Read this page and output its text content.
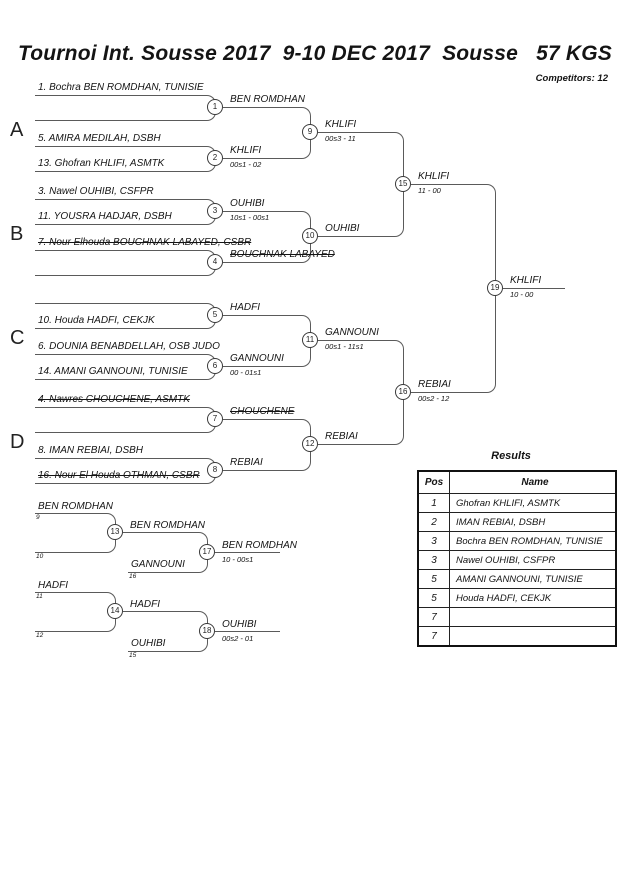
Tournoi Int. Sousse 2017  9-10 DEC 2017  Sousse   57 KGS
Competitors: 12
A
B
C
D
1
2
3
4
5
6
7
8
9
10
11
12
15
16
19
1. Bochra BEN ROMDHAN, TUNISIE
5. AMIRA MEDILAH, DSBH
13. Ghofran KHLIFI, ASMTK
3. Nawel OUHIBI, CSFPR
11. YOUSRA HADJAR, DSBH
7. Nour Elhouda BOUCHNAK LABAYED, CSBR
10. Houda HADFI, CEKJK
6. DOUNIA BENABDELLAH, OSB JUDO
14. AMANI GANNOUNI, TUNISIE
4. Nawres CHOUCHENE, ASMTK
8. IMAN REBIAI, DSBH
16. Nour El Houda OTHMAN, CSBR
BEN ROMDHAN
KHLIFI
00s1 - 02
OUHIBI
10s1 - 00s1
BOUCHNAK LABAYED
HADFI
GANNOUNI
00 - 01s1
CHOUCHENE
REBIAI
KHLIFI
00s3 - 11
OUHIBI
GANNOUNI
00s1 - 11s1
REBIAI
KHLIFI
11 - 00
REBIAI
00s2 - 12
KHLIFI
10 - 00
13
14
17
18
BEN ROMDHAN
9
10
BEN ROMDHAN
GANNOUNI
16
BEN ROMDHAN
10 - 00s1
HADFI
11
12
HADFI
OUHIBI
15
OUHIBI
00s2 - 01
Results
Pos	Name
1	Ghofran KHLIFI, ASMTK
2	IMAN REBIAI, DSBH
3	Bochra BEN ROMDHAN, TUNISIE
3	Nawel OUHIBI, CSFPR
5	AMANI GANNOUNI, TUNISIE
5	Houda HADFI, CEKJK
7	
7	
